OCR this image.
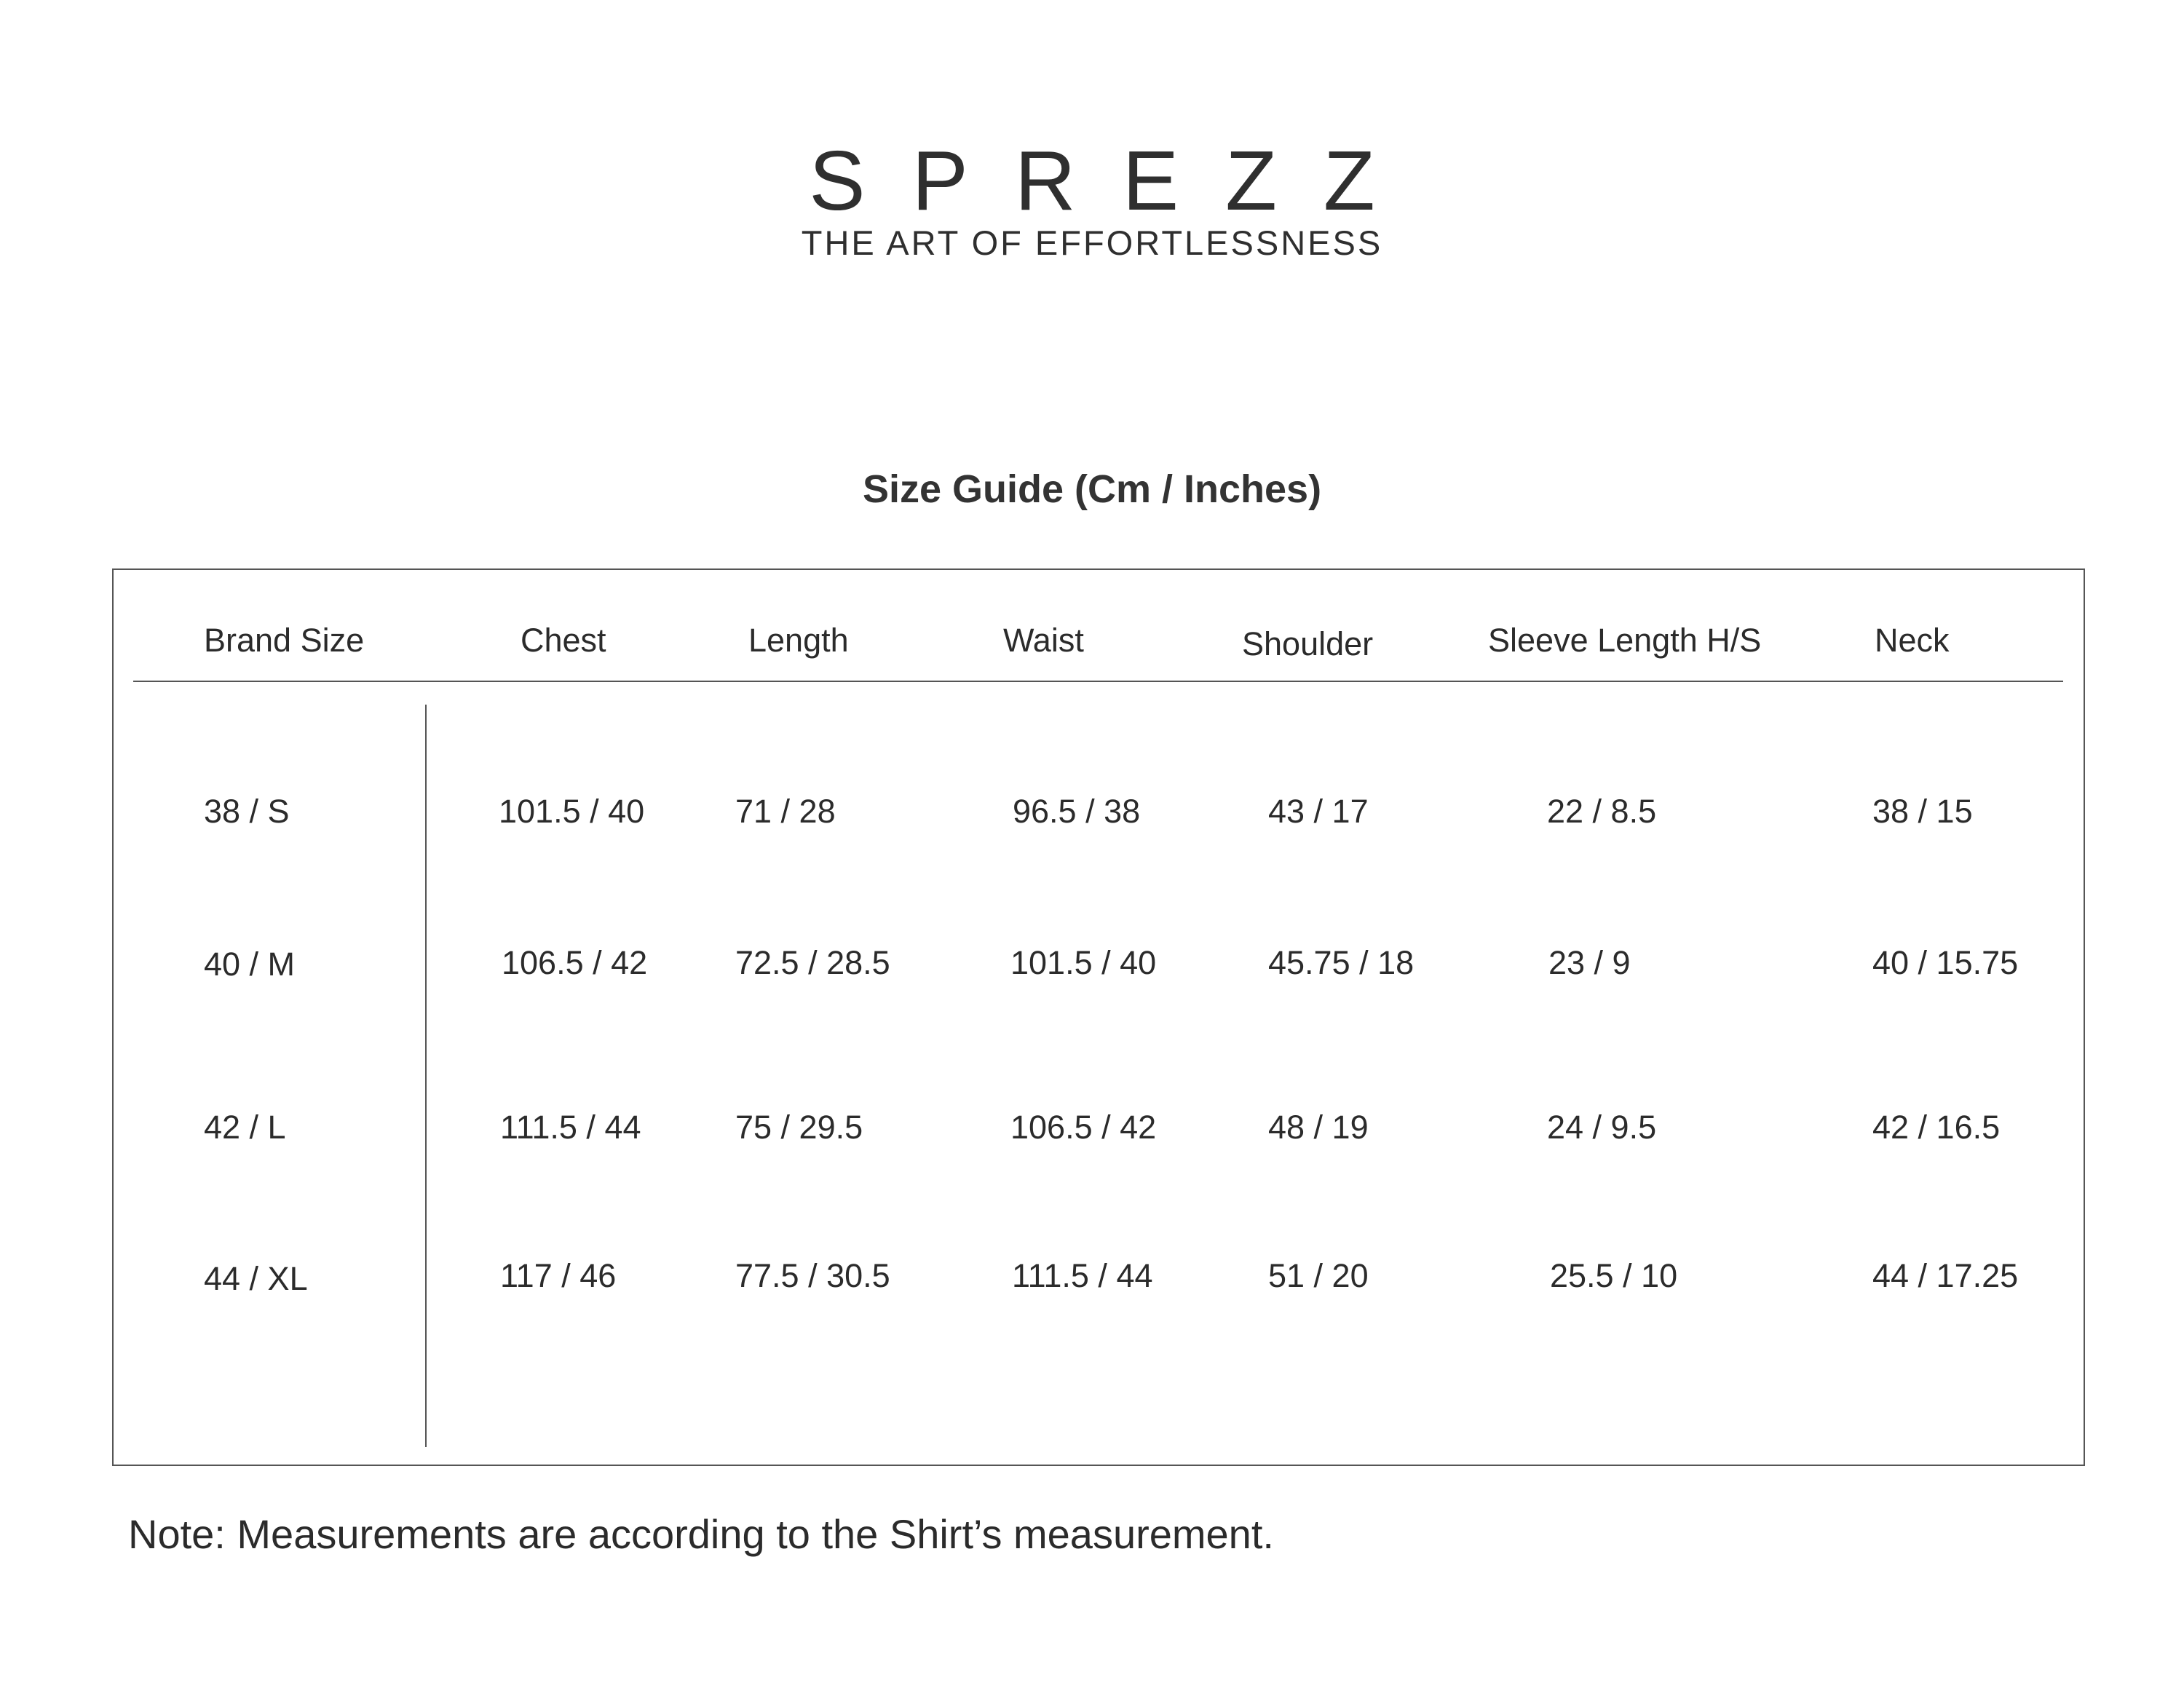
SPREZZ
THE ART OF EFFORTLESSNESS
Size Guide (Cm / Inches)
Brand Size	Chest	Length	Waist	Shoulder	Sleeve Length H/S	Neck
38 / S	101.5 / 40	71 / 28	96.5 / 38	43 / 17	22 / 8.5	38 / 15
40 / M	106.5 / 42	72.5 / 28.5	101.5 / 40	45.75 / 18	23 / 9	40 / 15.75
42 / L	111.5 / 44	75 / 29.5	106.5 / 42	48 / 19	24 / 9.5	42 / 16.5
44 / XL	117 / 46	77.5 / 30.5	111.5 / 44	51 / 20	25.5 / 10	44 / 17.25
Note: Measurements are according to the Shirt’s measurement.
